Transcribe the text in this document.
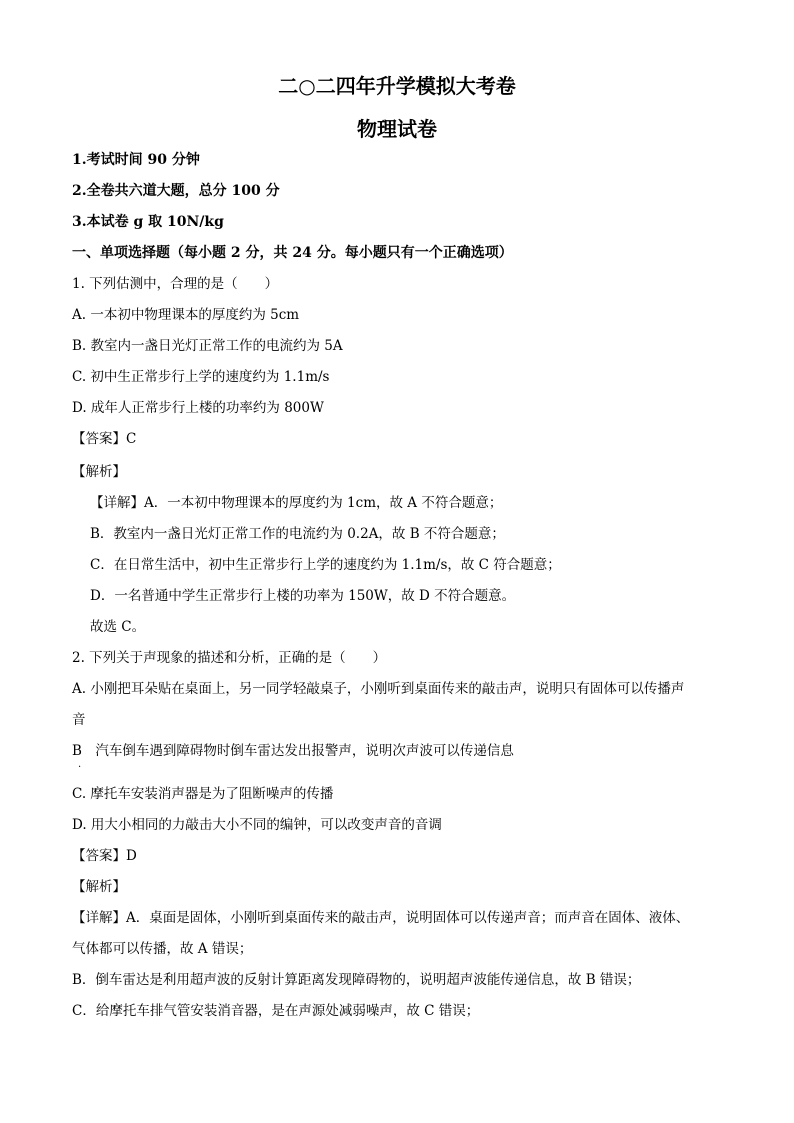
二○二四年升学模拟大考卷
物理试卷
1.考试时间 90 分钟
2.全卷共六道大题，总分 100 分
3.本试卷 g 取 10N/kg
一、单项选择题（每小题 2 分，共 24 分。每小题只有一个正确选项）
1. 下列估测中，合理的是（　　）
A. 一本初中物理课本的厚度约为 5cm
B. 教室内一盏日光灯正常工作的电流约为 5A
C. 初中生正常步行上学的速度约为 1.1m/s
D. 成年人正常步行上楼的功率约为 800W
【答案】C
【解析】
【详解】A．一本初中物理课本的厚度约为 1cm，故 A 不符合题意；
B．教室内一盏日光灯正常工作的电流约为 0.2A，故 B 不符合题意；
C．在日常生活中，初中生正常步行上学的速度约为 1.1m/s，故 C 符合题意；
D．一名普通中学生正常步行上楼的功率为 150W，故 D 不符合题意。
故选 C。
2. 下列关于声现象的描述和分析，正确的是（　　）
A. 小刚把耳朵贴在桌面上，另一同学轻敲桌子，小刚听到桌面传来的敲击声，说明只有固体可以传播声
音
B　汽车倒车遇到障碍物时倒车雷达发出报警声，说明次声波可以传递信息
.
C. 摩托车安装消声器是为了阻断噪声的传播
D. 用大小相同的力敲击大小不同的编钟，可以改变声音的音调
【答案】D
【解析】
【详解】A．桌面是固体，小刚听到桌面传来的敲击声，说明固体可以传递声音；而声音在固体、液体、
气体都可以传播，故 A 错误；
B．倒车雷达是利用超声波的反射计算距离发现障碍物的，说明超声波能传递信息，故 B 错误；
C．给摩托车排气管安装消音器，是在声源处减弱噪声，故 C 错误；
